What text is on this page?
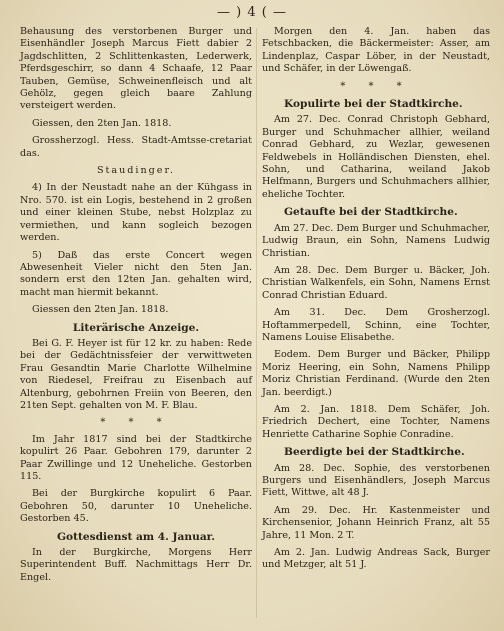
— ) 4 ( —

Behausung des verstorbenen Burger und Eisenhändler Joseph Marcus Fiett dabier 2 Jagdschlitten, 2 Schlittenkasten, Lederwerk, Pferdsgeschirr, so dann 4 Schaafe, 12 Paar Tauben, Gemüse, Schweinenfleisch und alt Gehölz, gegen gleich baare Zahlung versteigert werden.

Giessen, den 2ten Jan. 1818.

Grossherzogl. Hess. Stadt-Amtsse-cretariat das.

Staudinger.

4) In der Neustadt nahe an der Kühgass in Nro. 570. ist ein Logis, bestehend in 2 großen und einer kleinen Stube, nebst Holzplaz zu vermiethen, und kann sogleich bezogen werden.

5) Daß das erste Concert wegen Abwesenheit Vieler nicht den 5ten Jan. sondern erst den 12ten Jan. gehalten wird, macht man hiermit bekannt.

Giessen den 2ten Jan. 1818.

Literärische Anzeige.

Bei G. F. Heyer ist für 12 kr. zu haben: Rede bei der Gedächtnissfeier der verwittweten Frau Gesandtin Marie Charlotte Wilhelmine von Riedesel, Freifrau zu Eisenbach auf Altenburg, gebohrnen Freiin von Beeren, den 21ten Sept. gehalten von M. F. Blau.

* * *

Im Jahr 1817 sind bei der Stadtkirche kopulirt 26 Paar. Gebohren 179, darunter 2 Paar Zwillinge und 12 Uneheliche. Gestorben 115.

Bei der Burgkirche kopulirt 6 Paar. Gebohren 50, darunter 10 Uneheliche. Gestorben 45.

Gottesdienst am 4. Januar.

In der Burgkirche, Morgens Herr Superintendent Buff. Nachmittags Herr Dr. Engel.

Morgen den 4. Jan. haben das Fetschbacken, die Bäckermeister: Asser, am Lindenplaz, Caspar Löber, in der Neustadt, und Schäfer, in der Löwengaß.

* * *
Kopulirte bei der Stadtkirche.

Am 27. Dec. Conrad Christoph Gebhard, Burger und Schuhmacher allhier, weiland Conrad Gebhard, zu Wezlar, gewesenen Feldwebels in Holländischen Diensten, ehel. Sohn, und Catharina, weiland Jakob Helfmann, Burgers und Schuhmachers allhier, eheliche Tochter.

Getaufte bei der Stadtkirche.

Am 27. Dec. Dem Burger und Schuhmacher, Ludwig Braun, ein Sohn, Namens Ludwig Christian.

Am 28. Dec. Dem Burger u. Bäcker, Joh. Christian Walkenfels, ein Sohn, Namens Ernst Conrad Christian Eduard.

Am 31. Dec. Dem Grosherzogl. Hoftammerpedell, Schinn, eine Tochter, Namens Louise Elisabethe.

Eodem. Dem Burger und Bäcker, Philipp Moriz Heering, ein Sohn, Namens Philipp Moriz Christian Ferdinand. (Wurde den 2ten Jan. beerdigt.)

Am 2. Jan. 1818. Dem Schäfer, Joh. Friedrich Dechert, eine Tochter, Namens Henriette Catharine Sophie Conradine.

Beerdigte bei der Stadtkirche.

Am 28. Dec. Sophie, des verstorbenen Burgers und Eisenhändlers, Joseph Marcus Fiett, Wittwe, alt 48 J.

Am 29. Dec. Hr. Kastenmeister und Kirchensenior, Johann Heinrich Franz, alt 55 Jahre, 11 Mon. 2 T.

Am 2. Jan. Ludwig Andreas Sack, Burger und Metzger, alt 51 J.
